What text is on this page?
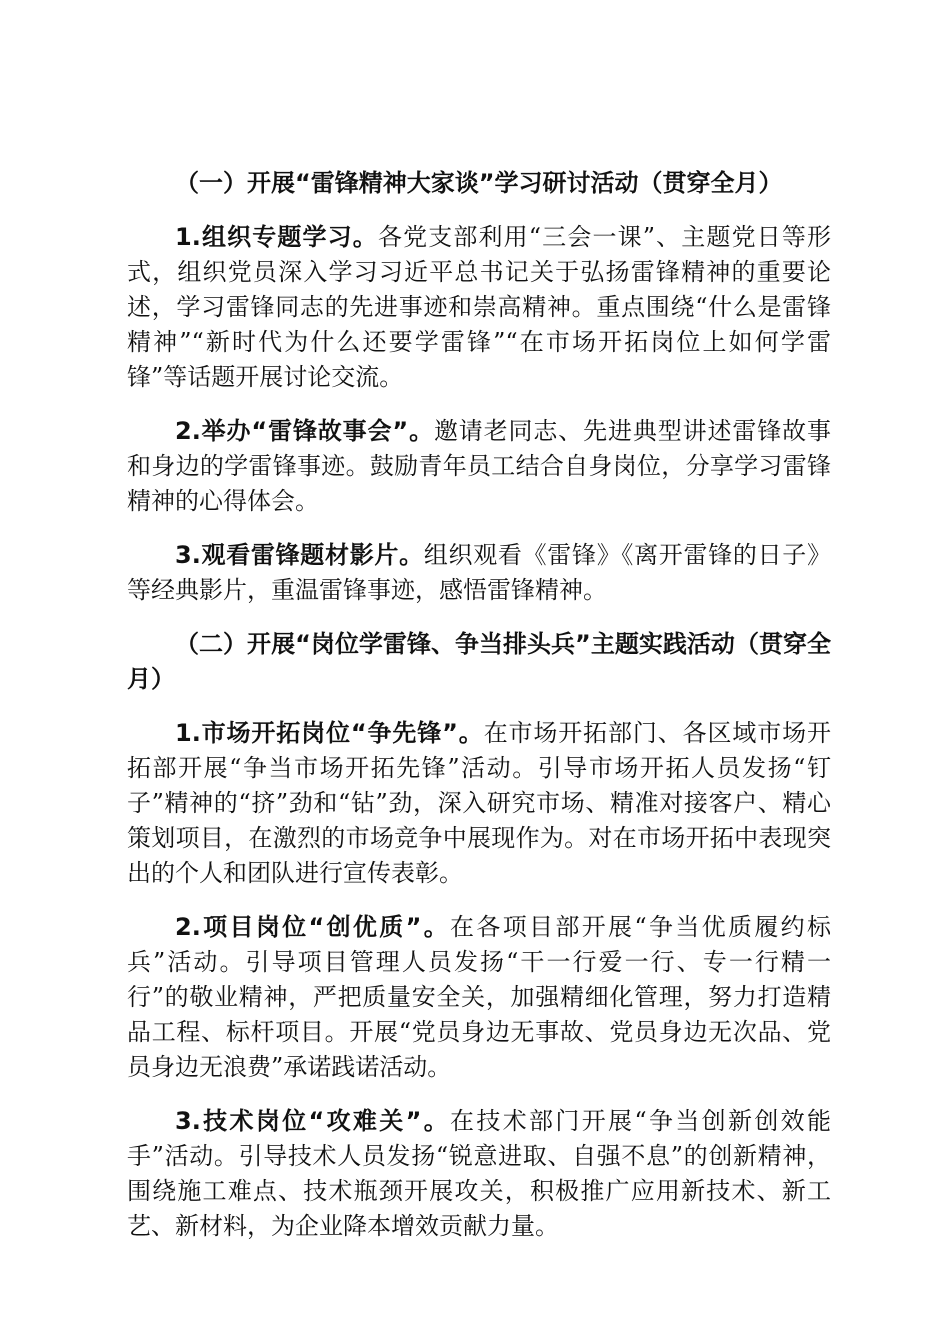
（一）开展“雷锋精神大家谈”学习研讨活动（贯穿全月）

1.组织专题学习。各党支部利用“三会一课”、主题党日等形式，组织党员深入学习习近平总书记关于弘扬雷锋精神的重要论述，学习雷锋同志的先进事迹和崇高精神。重点围绕“什么是雷锋精神”“新时代为什么还要学雷锋”“在市场开拓岗位上如何学雷锋”等话题开展讨论交流。

2.举办“雷锋故事会”。邀请老同志、先进典型讲述雷锋故事和身边的学雷锋事迹。鼓励青年员工结合自身岗位，分享学习雷锋精神的心得体会。

3.观看雷锋题材影片。组织观看《雷锋》《离开雷锋的日子》等经典影片，重温雷锋事迹，感悟雷锋精神。

（二）开展“岗位学雷锋、争当排头兵”主题实践活动（贯穿全月）

1.市场开拓岗位“争先锋”。在市场开拓部门、各区域市场开拓部开展“争当市场开拓先锋”活动。引导市场开拓人员发扬“钉子”精神的“挤”劲和“钻”劲，深入研究市场、精准对接客户、精心策划项目，在激烈的市场竞争中展现作为。对在市场开拓中表现突出的个人和团队进行宣传表彰。

2.项目岗位“创优质”。在各项目部开展“争当优质履约标兵”活动。引导项目管理人员发扬“干一行爱一行、专一行精一行”的敬业精神，严把质量安全关，加强精细化管理，努力打造精品工程、标杆项目。开展“党员身边无事故、党员身边无次品、党员身边无浪费”承诺践诺活动。

3.技术岗位“攻难关”。在技术部门开展“争当创新创效能手”活动。引导技术人员发扬“锐意进取、自强不息”的创新精神，围绕施工难点、技术瓶颈开展攻关，积极推广应用新技术、新工艺、新材料，为企业降本增效贡献力量。
